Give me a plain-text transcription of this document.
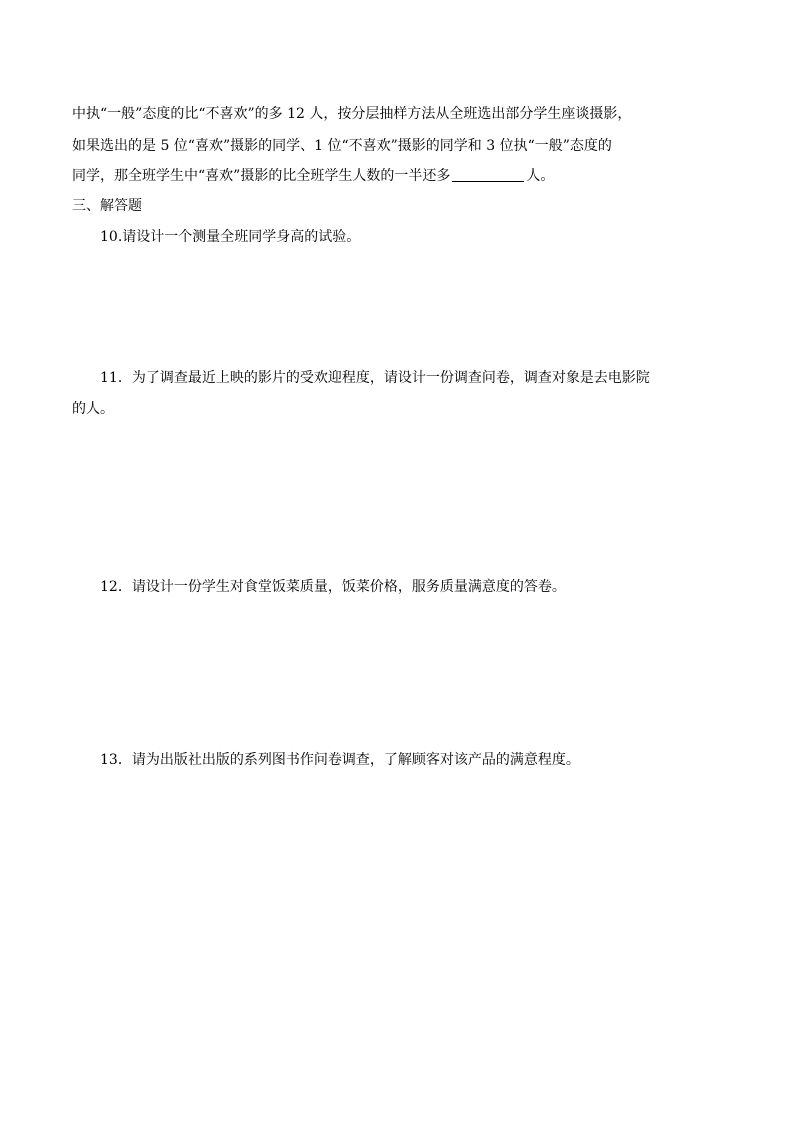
中执“一般”态度的比“不喜欢”的多 12 人，按分层抽样方法从全班选出部分学生座谈摄影，
如果选出的是 5 位“喜欢”摄影的同学、1 位“不喜欢”摄影的同学和 3 位执“一般”态度的
同学，那全班学生中“喜欢”摄影的比全班学生人数的一半还多	人。
三、解答题
10.请设计一个测量全班同学身高的试验。
11．为了调查最近上映的影片的受欢迎程度，请设计一份调查问卷，调查对象是去电影院
的人。
12．请设计一份学生对食堂饭菜质量，饭菜价格，服务质量满意度的答卷。
13．请为出版社出版的系列图书作问卷调查，了解顾客对该产品的满意程度。
